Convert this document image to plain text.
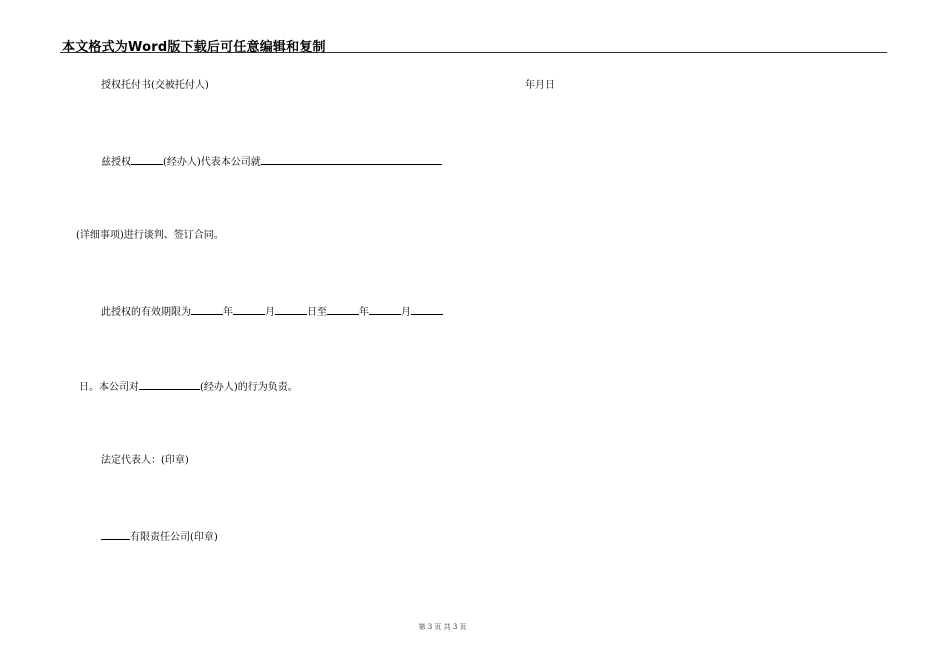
本文格式为Word版下载后可任意编辑和复制
授权托付书(交被托付人)	年月日
兹授权	(经办人)代表本公司就
(详细事项)进行谈判、签订合同。
此授权的有效期限为	年	月	日至	年	月
日。本公司对	(经办人)的行为负责。
法定代表人：(印章)
有限责任公司(印章)
第 3 页 共 3 页
